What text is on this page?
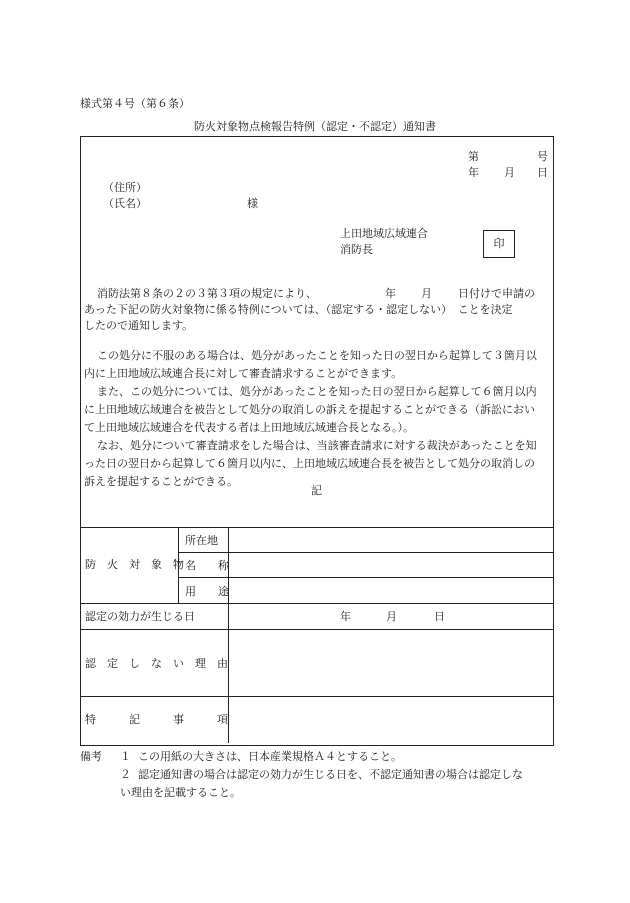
様式第４号（第６条）
防火対象物点検報告特例（認定・不認定）通知書
第	号
年 月 日
（住所）
（氏名）	様
上田地域広域連合
消防長	印
消防法第８条の２の３第３項の規定により、	年 月 日付けで申請の
あった下記の防火対象物に係る特例については、（認定する・認定しない）　ことを決定
したので通知します。
この処分に不服のある場合は、処分があったことを知った日の翌日から起算して３箇月以内に上田地域広域連合長に対して審査請求することができます。
また、この処分については、処分があったことを知った日の翌日から起算して６箇月以内に上田地域広域連合を被告として処分の取消しの訴えを提起することができる（訴訟において上田地域広域連合を代表する者は上田地域広域連合長となる。）。
なお、処分について審査請求をした場合は、当該審査請求に対する裁決があったことを知った日の翌日から起算して６箇月以内に、上田地域広域連合長を被告として処分の取消しの訴えを提起することができる。
記
防　火　対　象　物
所在地
名　　称
用　　途
認定の効力が生じる日	年	月	日
認　定　し　な　い　理　由
特　　　記　　　事　　　項
備考 １ この用紙の大きさは、日本産業規格Ａ４とすること。
２ 認定通知書の場合は認定の効力が生じる日を、不認定通知書の場合は認定しな
い理由を記載すること。
